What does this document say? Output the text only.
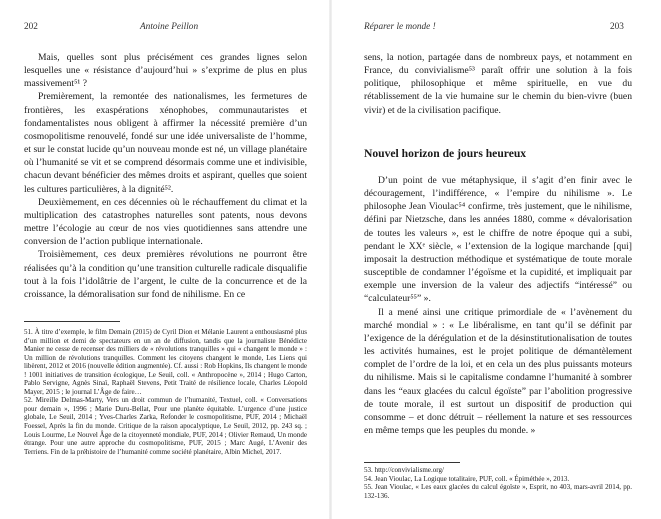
202	Antoine Peillon

Mais, quelles sont plus précisément ces grandes lignes selon lesquelles une « résistance d’aujourd’hui » s’exprime de plus en plus massivement⁵¹ ?

Premièrement, la remontée des nationalismes, les fermetures de frontières, les exaspérations xénophobes, communautaristes et fondamentalistes nous obligent à affirmer la nécessité première d’un cosmopolitisme renouvelé, fondé sur une idée universaliste de l’homme, et sur le constat lucide qu’un nouveau monde est né, un village planétaire où l’humanité se vit et se comprend désormais comme une et indivisible, chacun devant bénéficier des mêmes droits et aspirant, quelles que soient les cultures particulières, à la dignité⁵².

Deuxièmement, en ces décennies où le réchauffement du climat et la multiplication des catastrophes naturelles sont patents, nous devons mettre l’écologie au cœur de nos vies quotidiennes sans attendre une conversion de l’action publique internationale.

Troisièmement, ces deux premières révolutions ne pourront être réalisées qu’à la condition qu’une transition culturelle radicale disqualifie tout à la fois l’idolâtrie de l’argent, le culte de la concurrence et de la croissance, la démoralisation sur fond de nihilisme. En ce

51. À titre d’exemple, le film Demain (2015) de Cyril Dion et Mélanie Laurent a enthousiasmé plus d’un million et demi de spectateurs en un an de diffusion, tandis que la journaliste Bénédicte Manier ne cesse de recenser des milliers de « révolutions tranquilles » qui « changent le monde » : Un million de révolutions tranquilles. Comment les citoyens changent le monde, Les Liens qui libèrent, 2012 et 2016 (nouvelle édition augmentée). Cf. aussi : Rob Hopkins, Ils changent le monde ! 1001 initiatives de transition écologique, Le Seuil, coll. « Anthropocène », 2014 ; Hugo Carton, Pablo Servigne, Agnès Sinaï, Raphaël Stevens, Petit Traité de résilience locale, Charles Léopold Mayer, 2015 ; le journal L’Âge de faire…

52. Mireille Delmas-Marty, Vers un droit commun de l’humanité, Textuel, coll. « Conversations pour demain », 1996 ; Marie Duru-Bellat, Pour une planète équitable. L’urgence d’une justice globale, Le Seuil, 2014 ; Yves-Charles Zarka, Refonder le cosmopolitisme, PUF, 2014 ; Michaël Foessel, Après la fin du monde. Critique de la raison apocalyptique, Le Seuil, 2012, pp. 243 sq. ; Louis Lourme, Le Nouvel Âge de la citoyenneté mondiale, PUF, 2014 ; Olivier Remaud, Un monde étrange. Pour une autre approche du cosmopolitisme, PUF, 2015 ; Marc Augé, L’Avenir des Terriens. Fin de la préhistoire de l’humanité comme société planétaire, Albin Michel, 2017.

Réparer le monde !	203

sens, la notion, partagée dans de nombreux pays, et notamment en France, du convivialisme⁵³ paraît offrir une solution à la fois politique, philosophique et même spirituelle, en vue du rétablissement de la vie humaine sur le chemin du bien-vivre (buen vivir) et de la civilisation pacifique.

Nouvel horizon de jours heureux

D’un point de vue métaphysique, il s’agit d’en finir avec le découragement, l’indifférence, « l’empire du nihilisme ». Le philosophe Jean Vioulac⁵⁴ confirme, très justement, que le nihilisme, défini par Nietzsche, dans les années 1880, comme « dévalorisation de toutes les valeurs », est le chiffre de notre époque qui a subi, pendant le XXᵉ siècle, « l’extension de la logique marchande [qui] imposait la destruction méthodique et systématique de toute morale susceptible de condamner l’égoïsme et la cupidité, et impliquait par exemple une inversion de la valeur des adjectifs “intéressé” ou “calculateur⁵⁵” ».

Il a mené ainsi une critique primordiale de « l’avènement du marché mondial » : « Le libéralisme, en tant qu’il se définit par l’exigence de la dérégulation et de la désinstitutionalisation de toutes les activités humaines, est le projet politique de démantèlement complet de l’ordre de la loi, et en cela un des plus puissants moteurs du nihilisme. Mais si le capitalisme condamne l’humanité à sombrer dans les “eaux glacées du calcul égoïste” par l’abolition progressive de toute morale, il est surtout un dispositif de production qui consomme – et donc détruit – réellement la nature et ses ressources en même temps que les peuples du monde. »

53. http://convivialisme.org/

54. Jean Vioulac, La Logique totalitaire, PUF, coll. « Épiméthée », 2013.

55. Jean Vioulac, « Les eaux glacées du calcul égoïste », Esprit, no 403, mars-avril 2014, pp. 132-136.
